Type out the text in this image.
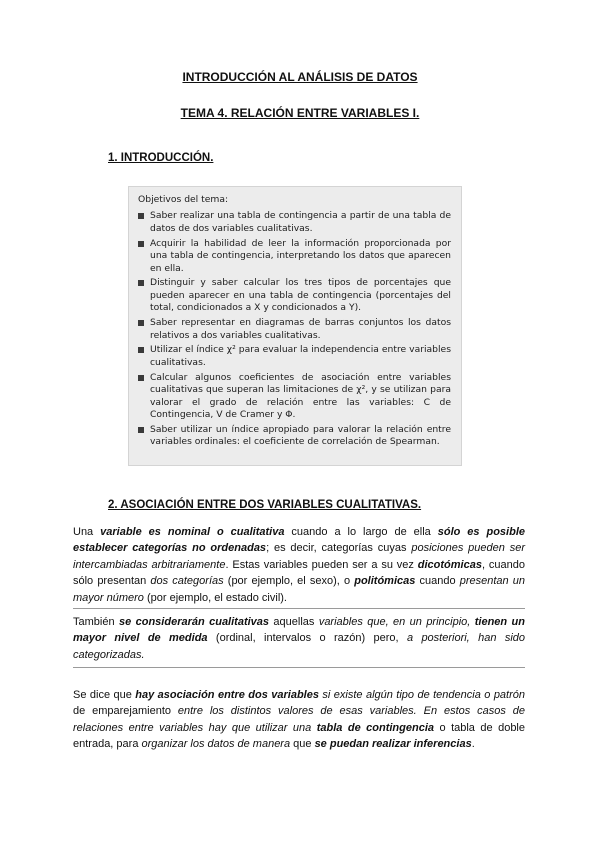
INTRODUCCIÓN AL ANÁLISIS DE DATOS
TEMA 4. RELACIÓN ENTRE VARIABLES I.
1. INTRODUCCIÓN.

Objetivos del tema:

Saber realizar una tabla de contingencia a partir de una tabla de datos de dos variables cualitativas.
Acquirir la habilidad de leer la información proporcionada por una tabla de contingencia, interpretando los datos que aparecen en ella.
Distinguir y saber calcular los tres tipos de porcentajes que pueden aparecer en una tabla de contingencia (porcentajes del total, condicionados a X y condicionados a Y).
Saber representar en diagramas de barras conjuntos los datos relativos a dos variables cualitativas.
Utilizar el índice χ² para evaluar la independencia entre variables cualitativas.
Calcular algunos coeficientes de asociación entre variables cualitativas que superan las limitaciones de χ², y se utilizan para valorar el grado de relación entre las variables: C de Contingencia, V de Cramer y Φ.
Saber utilizar un índice apropiado para valorar la relación entre variables ordinales: el coeficiente de correlación de Spearman.
2. ASOCIACIÓN ENTRE DOS VARIABLES CUALITATIVAS.

Una variable es nominal o cualitativa cuando a lo largo de ella sólo es posible establecer categorías no ordenadas; es decir, categorías cuyas posiciones pueden ser intercambiadas arbitrariamente. Estas variables pueden ser a su vez dicotómicas, cuando sólo presentan dos categorías (por ejemplo, el sexo), o politómicas cuando presentan un mayor número (por ejemplo, el estado civil).

También se considerarán cualitativas aquellas variables que, en un principio, tienen un mayor nivel de medida (ordinal, intervalos o razón) pero, a posteriori, han sido categorizadas.

Se dice que hay asociación entre dos variables si existe algún tipo de tendencia o patrón de emparejamiento entre los distintos valores de esas variables. En estos casos de relaciones entre variables hay que utilizar una tabla de contingencia o tabla de doble entrada, para organizar los datos de manera que se puedan realizar inferencias.
